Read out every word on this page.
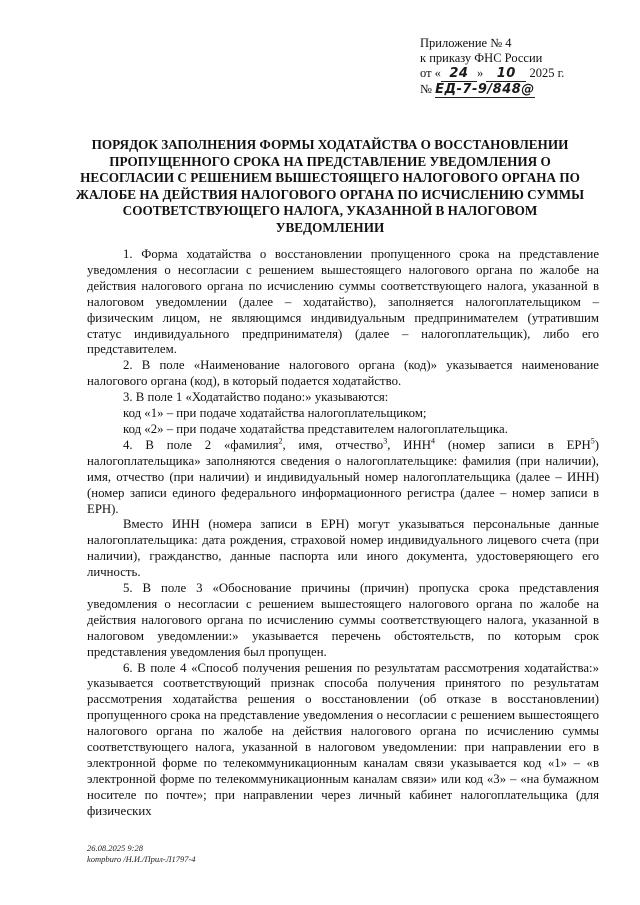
Приложение № 4
к приказу ФНС России
от « 24 » 10 2025 г.
№ ЕД-7-9/848@
ПОРЯДОК ЗАПОЛНЕНИЯ ФОРМЫ ХОДАТАЙСТВА О ВОССТАНОВЛЕНИИ ПРОПУЩЕННОГО СРОКА НА ПРЕДСТАВЛЕНИЕ УВЕДОМЛЕНИЯ О НЕСОГЛАСИИ С РЕШЕНИЕМ ВЫШЕСТОЯЩЕГО НАЛОГОВОГО ОРГАНА ПО ЖАЛОБЕ НА ДЕЙСТВИЯ НАЛОГОВОГО ОРГАНА ПО ИСЧИСЛЕНИЮ СУММЫ СООТВЕТСТВУЮЩЕГО НАЛОГА, УКАЗАННОЙ В НАЛОГОВОМ УВЕДОМЛЕНИИ

1. Форма ходатайства о восстановлении пропущенного срока на представление уведомления о несогласии с решением вышестоящего налогового органа по жалобе на действия налогового органа по исчислению суммы соответствующего налога, указанной в налоговом уведомлении (далее – ходатайство), заполняется налогоплательщиком – физическим лицом, не являющимся индивидуальным предпринимателем (утратившим статус индивидуального предпринимателя) (далее – налогоплательщик), либо его представителем.

2. В поле «Наименование налогового органа (код)» указывается наименование налогового органа (код), в который подается ходатайство.

3. В поле 1 «Ходатайство подано:» указываются:

код «1» – при подаче ходатайства налогоплательщиком;

код «2» – при подаче ходатайства представителем налогоплательщика.

4. В поле 2 «фамилия$^2$, имя, отчество$^3$, ИНН$^4$ (номер записи в ЕРН$^5$) налогоплательщика» заполняются сведения о налогоплательщике: фамилия (при наличии), имя, отчество (при наличии) и индивидуальный номер налогоплательщика (далее – ИНН) (номер записи единого федерального информационного регистра (далее – номер записи в ЕРН).

Вместо ИНН (номера записи в ЕРН) могут указываться персональные данные налогоплательщика: дата рождения, страховой номер индивидуального лицевого счета (при наличии), гражданство, данные паспорта или иного документа, удостоверяющего его личность.

5. В поле 3 «Обоснование причины (причин) пропуска срока представления уведомления о несогласии с решением вышестоящего налогового органа по жалобе на действия налогового органа по исчислению суммы соответствующего налога, указанной в налоговом уведомлении:» указывается перечень обстоятельств, по которым срок представления уведомления был пропущен.

6. В поле 4 «Способ получения решения по результатам рассмотрения ходатайства:» указывается соответствующий признак способа получения принятого по результатам рассмотрения ходатайства решения о восстановлении (об отказе в восстановлении) пропущенного срока на представление уведомления о несогласии с решением вышестоящего налогового органа по жалобе на действия налогового органа по исчислению суммы соответствующего налога, указанной в налоговом уведомлении: при направлении его в электронной форме по телекоммуникационным каналам связи указывается код «1» – «в электронной форме по телекоммуникационным каналам связи» или код «3» – «на бумажном носителе по почте»; при направлении через личный кабинет налогоплательщика (для физических

26.08.2025 9:28
kompburo /Н.И./Прил-Л1797-4
